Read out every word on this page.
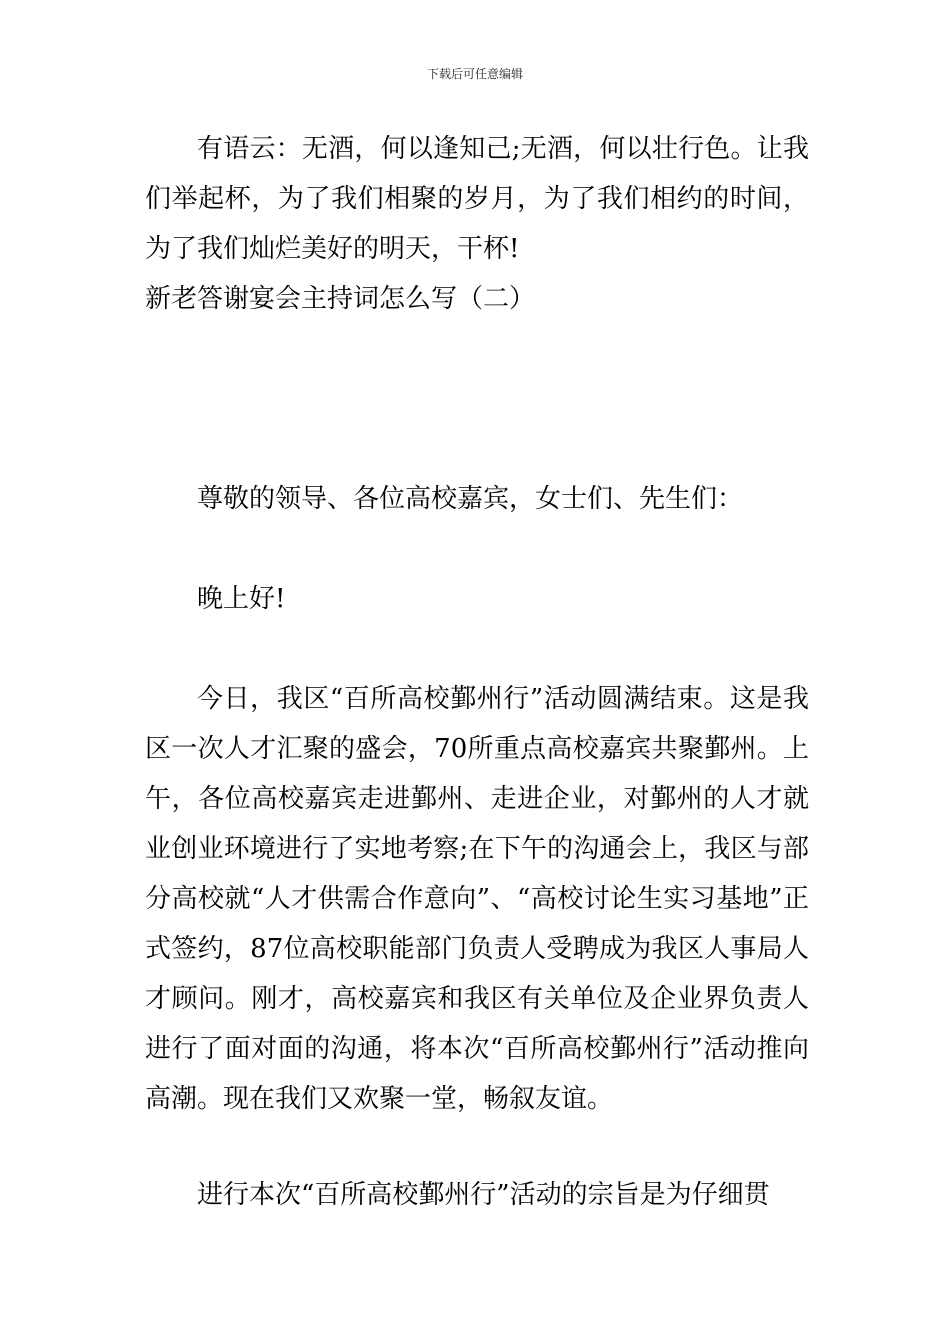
下载后可任意编辑

有语云：无酒，何以逢知己;无酒，何以壮行色。让我们举起杯，为了我们相聚的岁月，为了我们相约的时间，为了我们灿烂美好的明天，干杯!

新老答谢宴会主持词怎么写（二）

尊敬的领导、各位高校嘉宾，女士们、先生们：

晚上好!

今日，我区“百所高校鄞州行”活动圆满结束。这是我区一次人才汇聚的盛会，70所重点高校嘉宾共聚鄞州。上午，各位高校嘉宾走进鄞州、走进企业，对鄞州的人才就业创业环境进行了实地考察;在下午的沟通会上，我区与部分高校就“人才供需合作意向”、“高校讨论生实习基地”正式签约，87位高校职能部门负责人受聘成为我区人事局人才顾问。刚才，高校嘉宾和我区有关单位及企业界负责人进行了面对面的沟通，将本次“百所高校鄞州行”活动推向高潮。现在我们又欢聚一堂，畅叙友谊。

进行本次“百所高校鄞州行”活动的宗旨是为仔细贯
